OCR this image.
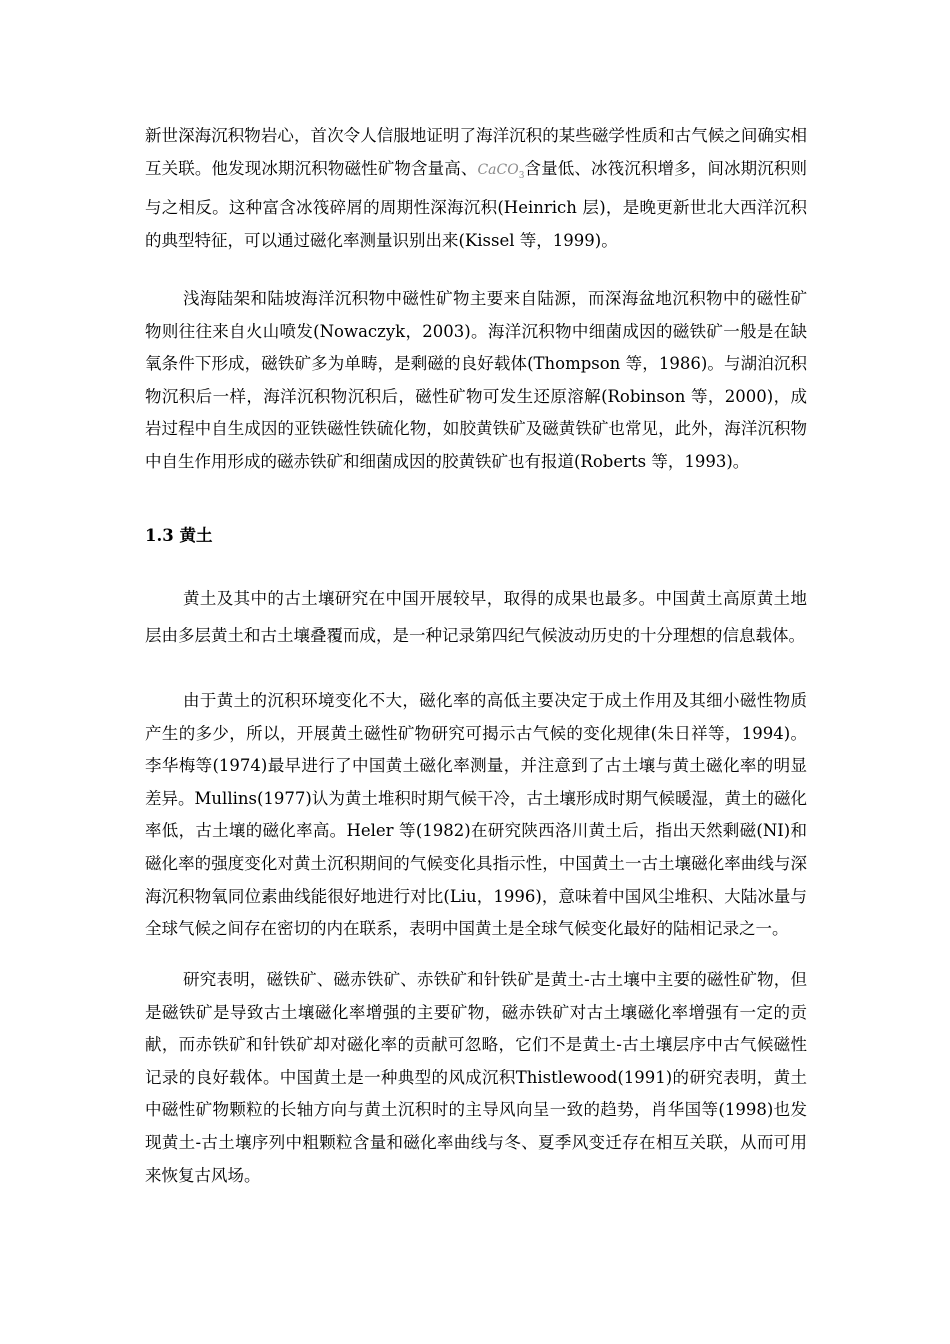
新世深海沉积物岩心，首次令人信服地证明了海洋沉积的某些磁学性质和古气候之间确实相互关联。他发现冰期沉积物磁性矿物含量高、CaCO$_3$含量低、冰筏沉积增多，间冰期沉积则与之相反。这种富含冰筏碎屑的周期性深海沉积(Heinrich 层)，是晚更新世北大西洋沉积的典型特征，可以通过磁化率测量识别出来(Kissel 等，1999)。

浅海陆架和陆坡海洋沉积物中磁性矿物主要来自陆源，而深海盆地沉积物中的磁性矿物则往往来自火山喷发(Nowaczyk，2003)。海洋沉积物中细菌成因的磁铁矿一般是在缺氧条件下形成，磁铁矿多为单畴，是剩磁的良好载体(Thompson 等，1986)。与湖泊沉积物沉积后一样，海洋沉积物沉积后，磁性矿物可发生还原溶解(Robinson 等，2000)，成岩过程中自生成因的亚铁磁性铁硫化物，如胶黄铁矿及磁黄铁矿也常见，此外，海洋沉积物中自生作用形成的磁赤铁矿和细菌成因的胶黄铁矿也有报道(Roberts 等，1993)。

1.3 黄土

黄土及其中的古土壤研究在中国开展较早，取得的成果也最多。中国黄土高原黄土地层由多层黄土和古土壤叠覆而成，是一种记录第四纪气候波动历史的十分理想的信息载体。

由于黄土的沉积环境变化不大，磁化率的高低主要决定于成土作用及其细小磁性物质产生的多少，所以，开展黄土磁性矿物研究可揭示古气候的变化规律(朱日祥等，1994)。李华梅等(1974)最早进行了中国黄土磁化率测量，并注意到了古土壤与黄土磁化率的明显差异。Mullins(1977)认为黄土堆积时期气候干冷，古土壤形成时期气候暖湿，黄土的磁化率低，古土壤的磁化率高。Heler 等(1982)在研究陕西洛川黄土后，指出天然剩磁(NI)和磁化率的强度变化对黄土沉积期间的气候变化具指示性，中国黄土一古土壤磁化率曲线与深海沉积物氧同位素曲线能很好地进行对比(Liu，1996)，意味着中国风尘堆积、大陆冰量与全球气候之间存在密切的内在联系，表明中国黄土是全球气候变化最好的陆相记录之一。

研究表明，磁铁矿、磁赤铁矿、赤铁矿和针铁矿是黄土-古土壤中主要的磁性矿物，但是磁铁矿是导致古土壤磁化率增强的主要矿物，磁赤铁矿对古土壤磁化率增强有一定的贡献，而赤铁矿和针铁矿却对磁化率的贡献可忽略，它们不是黄土-古土壤层序中古气候磁性记录的良好载体。中国黄土是一种典型的风成沉积Thistlewood(1991)的研究表明，黄土中磁性矿物颗粒的长轴方向与黄土沉积时的主导风向呈一致的趋势，肖华国等(1998)也发现黄土-古土壤序列中粗颗粒含量和磁化率曲线与冬、夏季风变迁存在相互关联，从而可用来恢复古风场。
